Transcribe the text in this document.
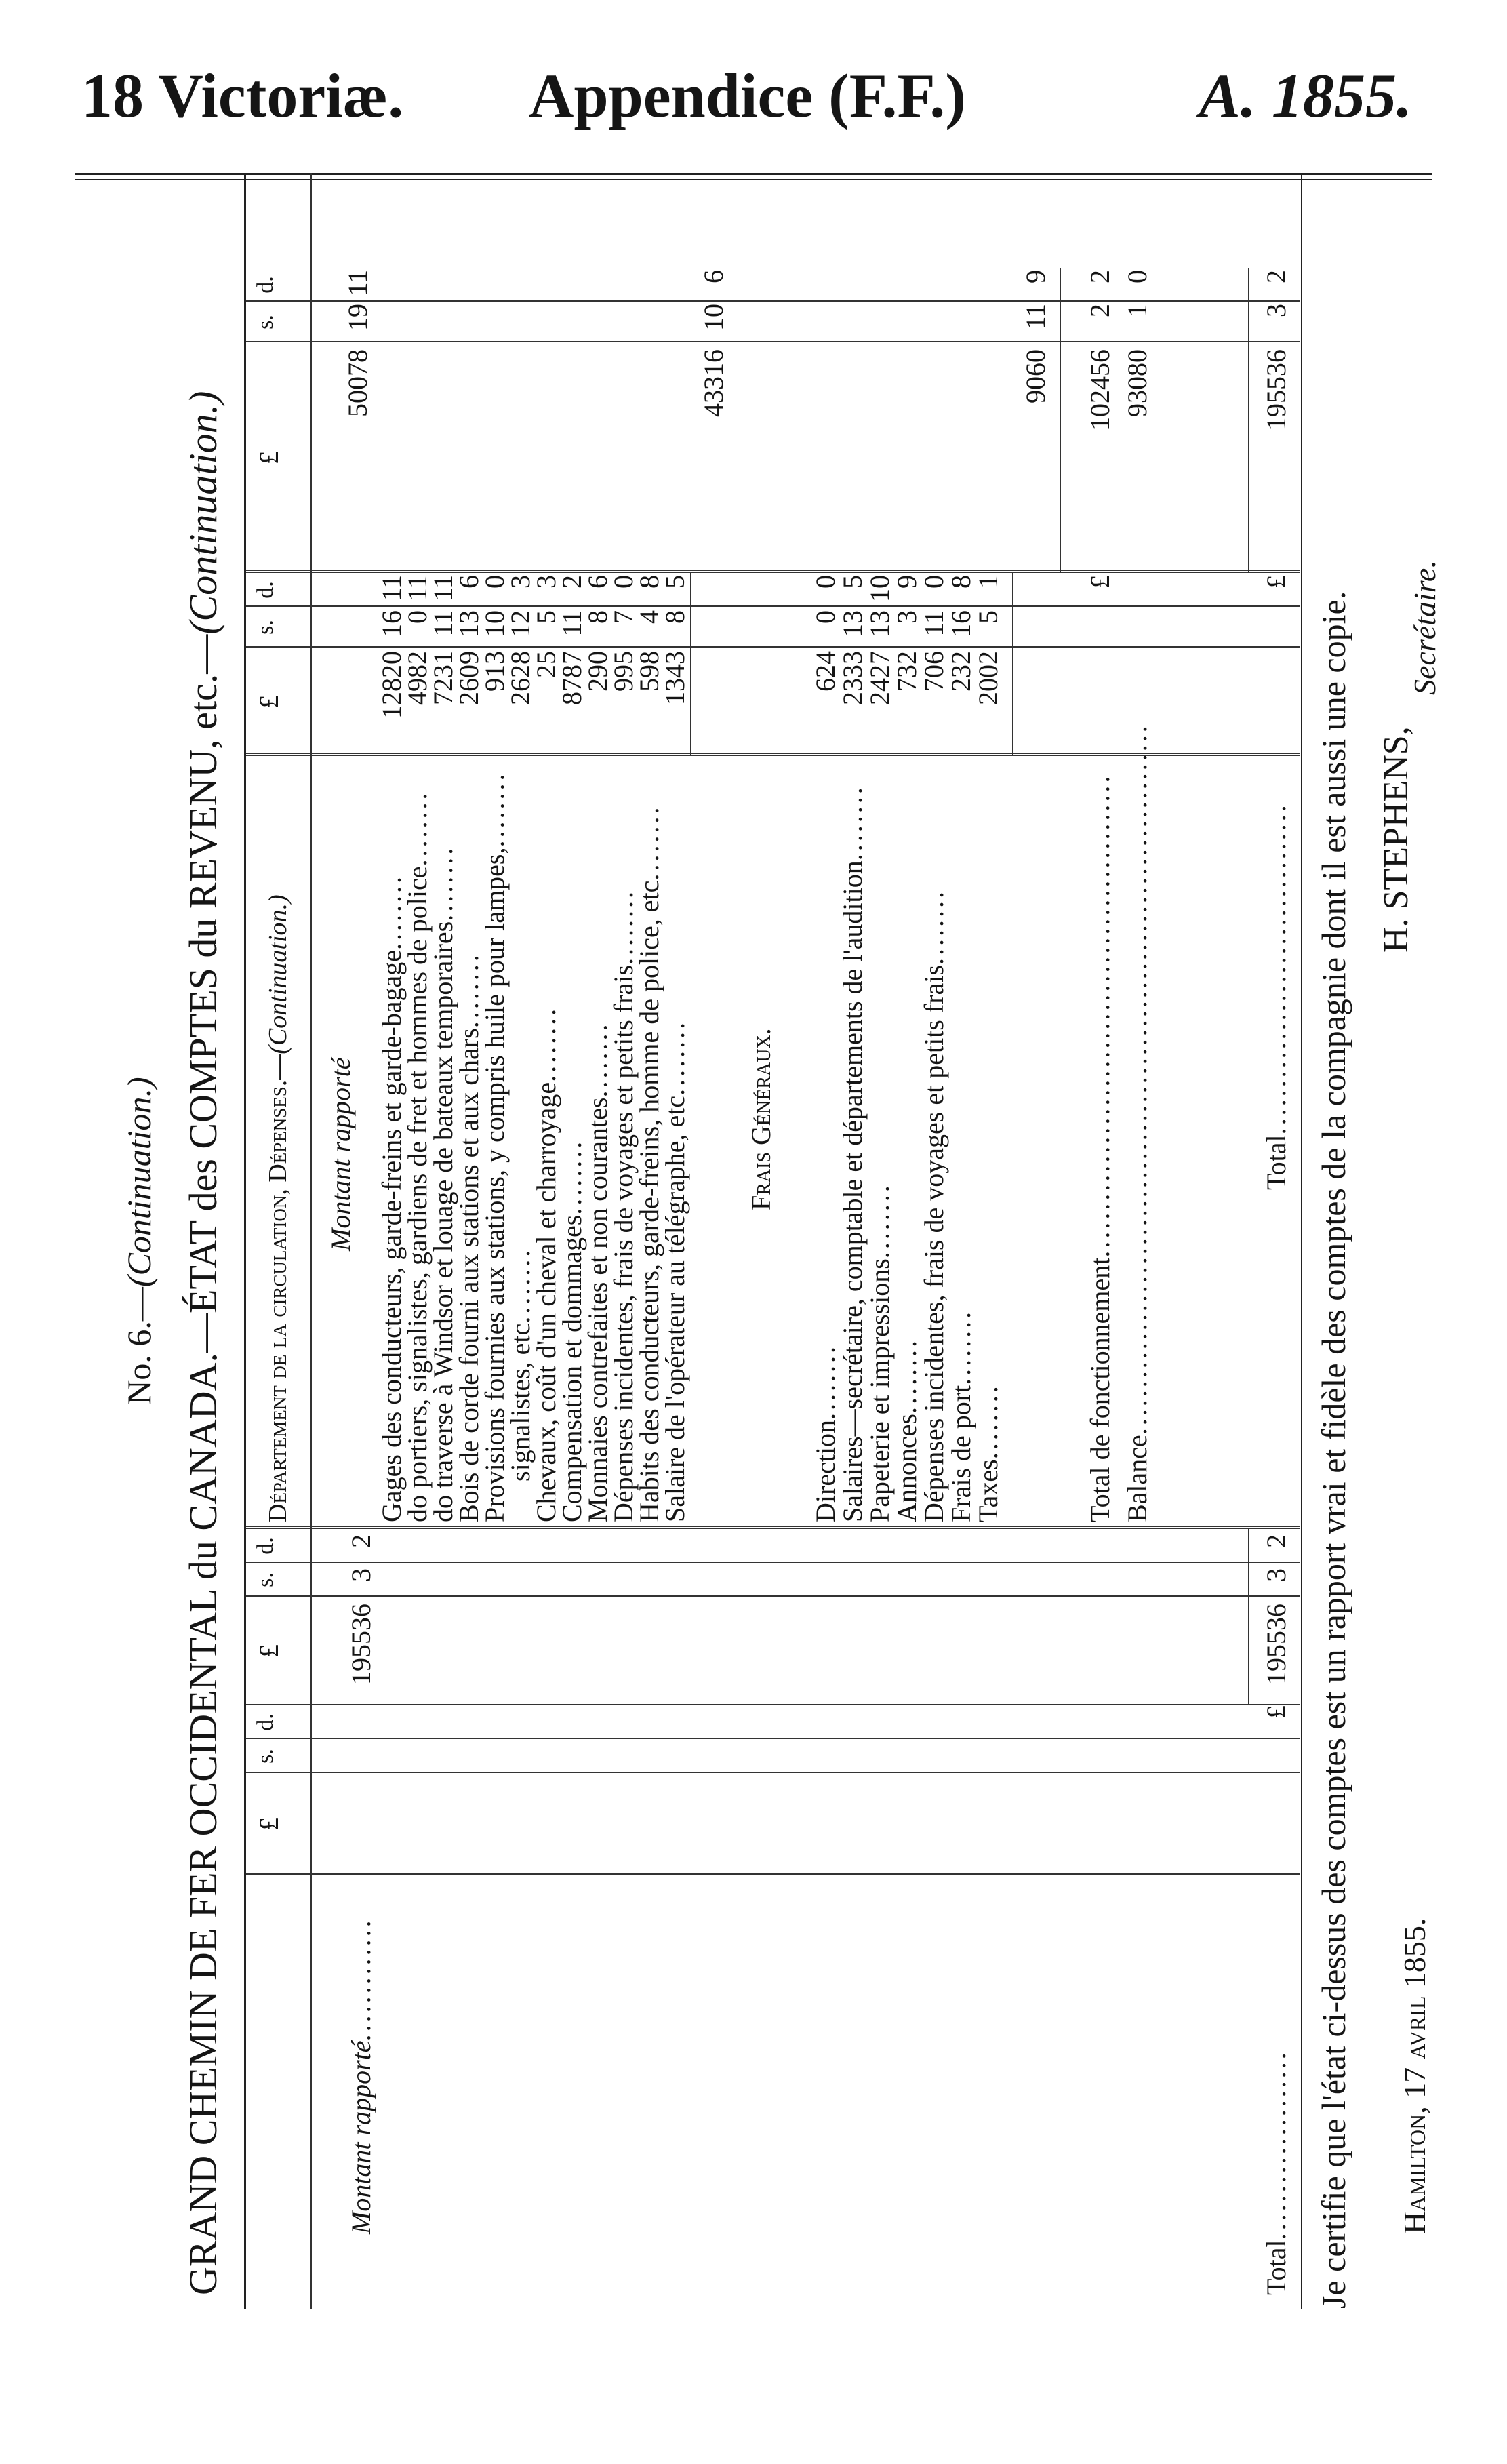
18 Victoriæ. Appendice (F.F.)	A. 1855.
No. 6.—(Continuation.) GRAND CHEMIN DE FER OCCIDENTAL du CANADA.—ÉTAT des COMPTES du REVENU, etc.—(Continuation.)
£
s.
d.
£
s.
d.
Département de la circulation, Dépenses.—(Continuation.)
£
s.
d.
£
s.
d.
Montant rapporté.............
195536
3
2
Total....................
£
195536
3
2
Montant rapporté
50078
19
11
Gages des conducteurs, garde-freins et garde-bagage........
12820
16
11
do portiers, signalistes, gardiens de fret et hommes de police........
4982
0
11
do traverse à Windsor et louage de bateaux temporaires........
7231
11
11
Bois de corde fourni aux stations et aux chars........
2609
13
6
Provisions fournies aux stations, y compris huile pour lampes,........
913
10
0
signalistes, etc........
2628
12
3
Chevaux, coût d'un cheval et charroyage........
25
5
3
Compensation et dommages........
8787
11
2
Monnaies contrefaites et non courantes........
290
8
6
Dépenses incidentes, frais de voyages et petits frais........
995
7
0
Habits des conducteurs, garde-freins, homme de police, etc........
598
4
8
Salaire de l'opérateur au télégraphe, etc........
1343
8
5
43316
10
6
Frais Généraux.
Direction........
624
0
0
Salaires—secrétaire, comptable et départements de l'audition........
2333
13
5
Papeterie et impressions........
2427
13
10
Annonces........
732
3
9
Dépenses incidentes, frais de voyages et petits frais........
706
11
0
Frais de port........
232
16
8
Taxes........
2002
5
1
9060
11
9
Total de fonctionnement...................................................
£
102456
2
2
Balance...........................................................................
93080
1
0
Total...................................
£
195536
3
2
Je certifie que l'état ci-dessus des comptes est un rapport vrai et fidèle des comptes de la compagnie dont il est aussi une copie. H. STEPHENS,
Secrétaire.
Hamilton, 17 avril 1855.
